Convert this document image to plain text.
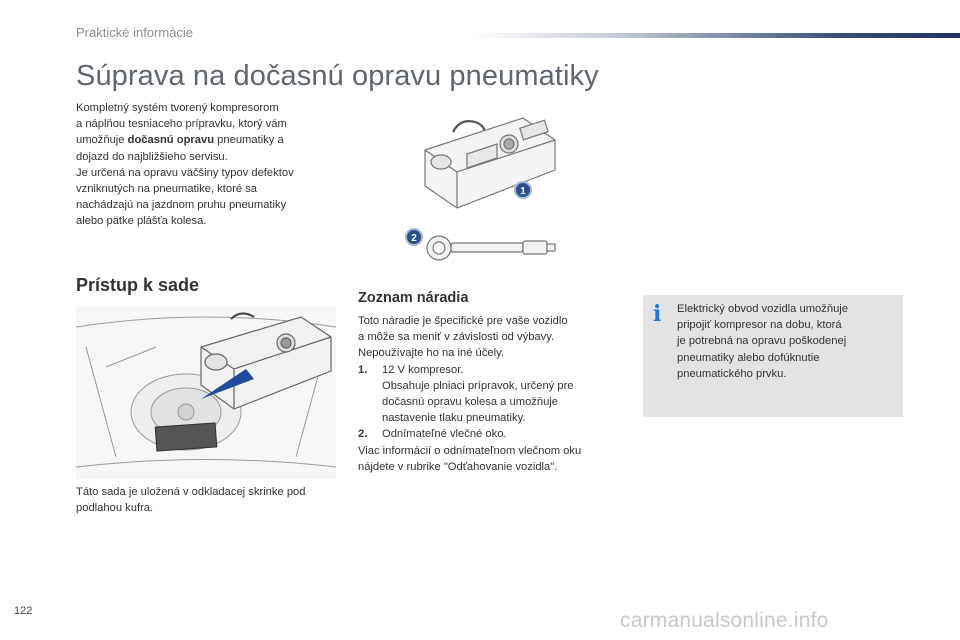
Praktické informácie
Súprava na dočasnú opravu pneumatiky
Kompletný systém tvorený kompresorom
a náplňou tesniaceho prípravku, ktorý vám
umožňuje dočasnú opravu pneumatiky a
dojazd do najbližšieho servisu.
Je určená na opravu väčšiny typov defektov
vzniknutých na pneumatike, ktoré sa
nachádzajú na jazdnom pruhu pneumatiky
alebo pätke plášťa kolesa.
1
2
Prístup k sade
Táto sada je uložená v odkladacej skrinke pod
podlahou kufra.
Zoznam náradia
Toto náradie je špecifické pre vaše vozidlo
a môže sa meniť v závislosti od výbavy.
Nepoužívajte ho na iné účely.
1. 12 V kompresor.
Obsahuje plniaci prípravok, určený pre
dočasnú opravu kolesa a umožňuje
nastavenie tlaku pneumatiky.
2. Odnímateľné vlečné oko.
Viac informácií o odnímateľnom vlečnom oku
nájdete v rubrike "Odťahovanie vozidla".
i	Elektrický obvod vozidla umožňuje
pripojiť kompresor na dobu, ktorá
je potrebná na opravu poškodenej
pneumatiky alebo dofúknutie
pneumatického prvku.
122	carmanualsonline.info
